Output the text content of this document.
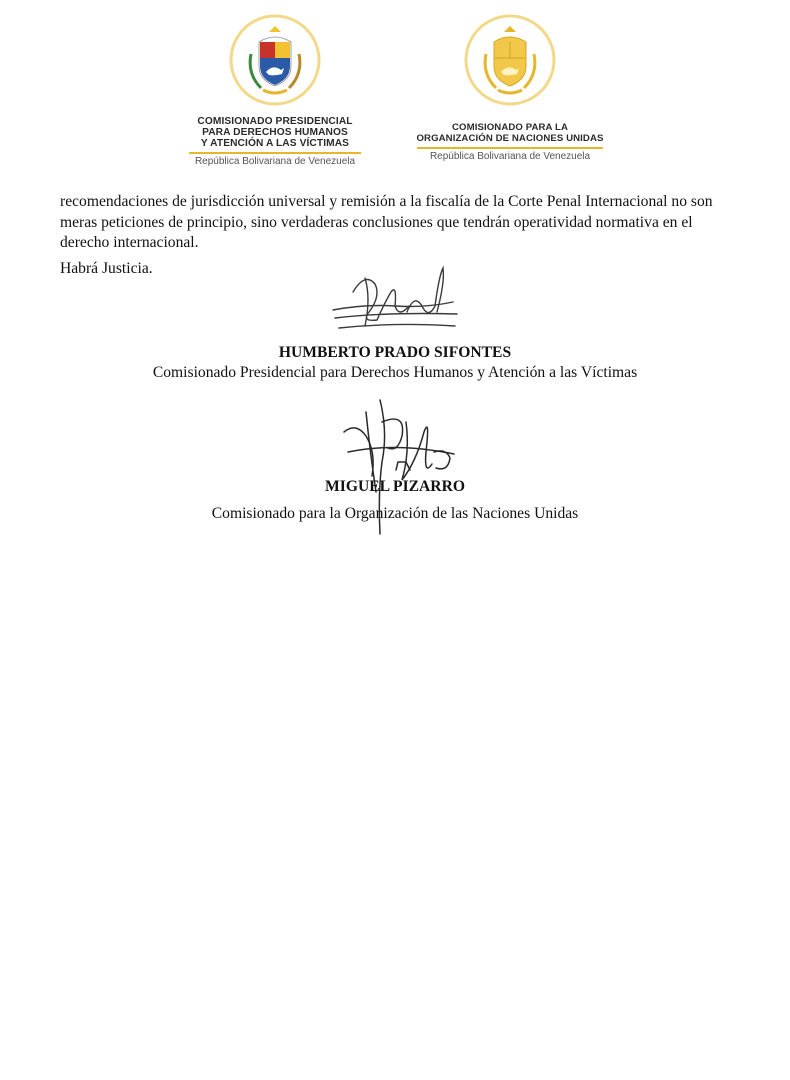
COMISIONADO PRESIDENCIAL
PARA DERECHOS HUMANOS
Y ATENCIÓN A LAS VÍCTIMAS
República Bolivariana de Venezuela
COMISIONADO PARA LA
ORGANIZACIÓN DE NACIONES UNIDAS
República Bolivariana de Venezuela

recomendaciones de jurisdicción universal y remisión a la fiscalía de la Corte Penal Internacional no son meras peticiones de principio, sino verdaderas conclusiones que tendrán operatividad normativa en el derecho internacional.

Habrá Justicia.

HUMBERTO PRADO SIFONTES
Comisionado Presidencial para Derechos Humanos y Atención a las Víctimas
MIGUEL PIZARRO
Comisionado para la Organización de las Naciones Unidas
